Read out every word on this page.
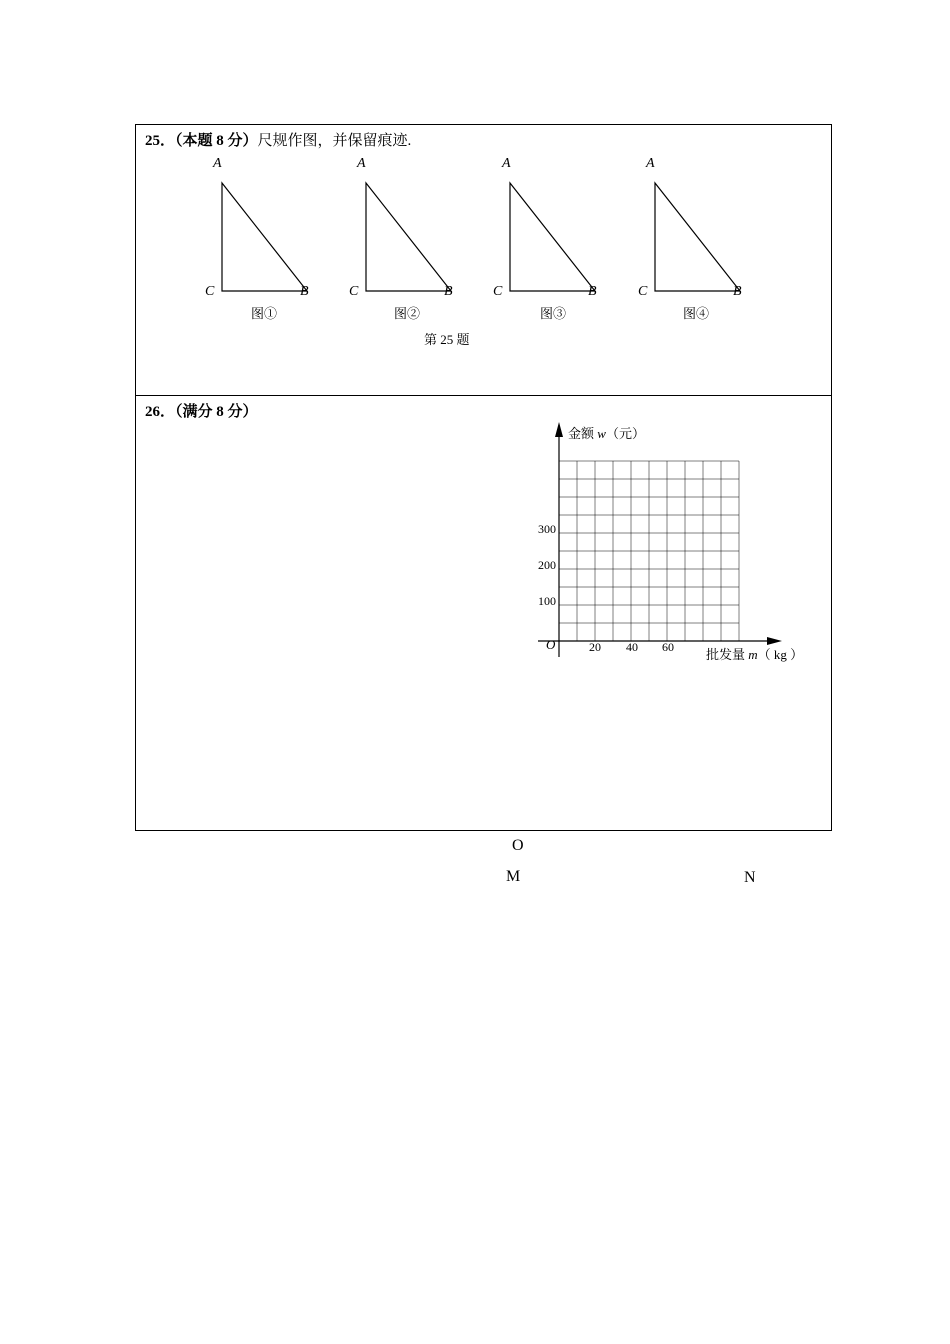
25．（本题 8 分）尺规作图，并保留痕迹.
A
C	B
图①
A
C	B
图②
A
C	B
图③
A
C	B
图④
第 25 题
26．（满分 8 分）
金额 w（元）
批发量 m（ kg ）
O	20 40 60
100
200
300
O
M	N
